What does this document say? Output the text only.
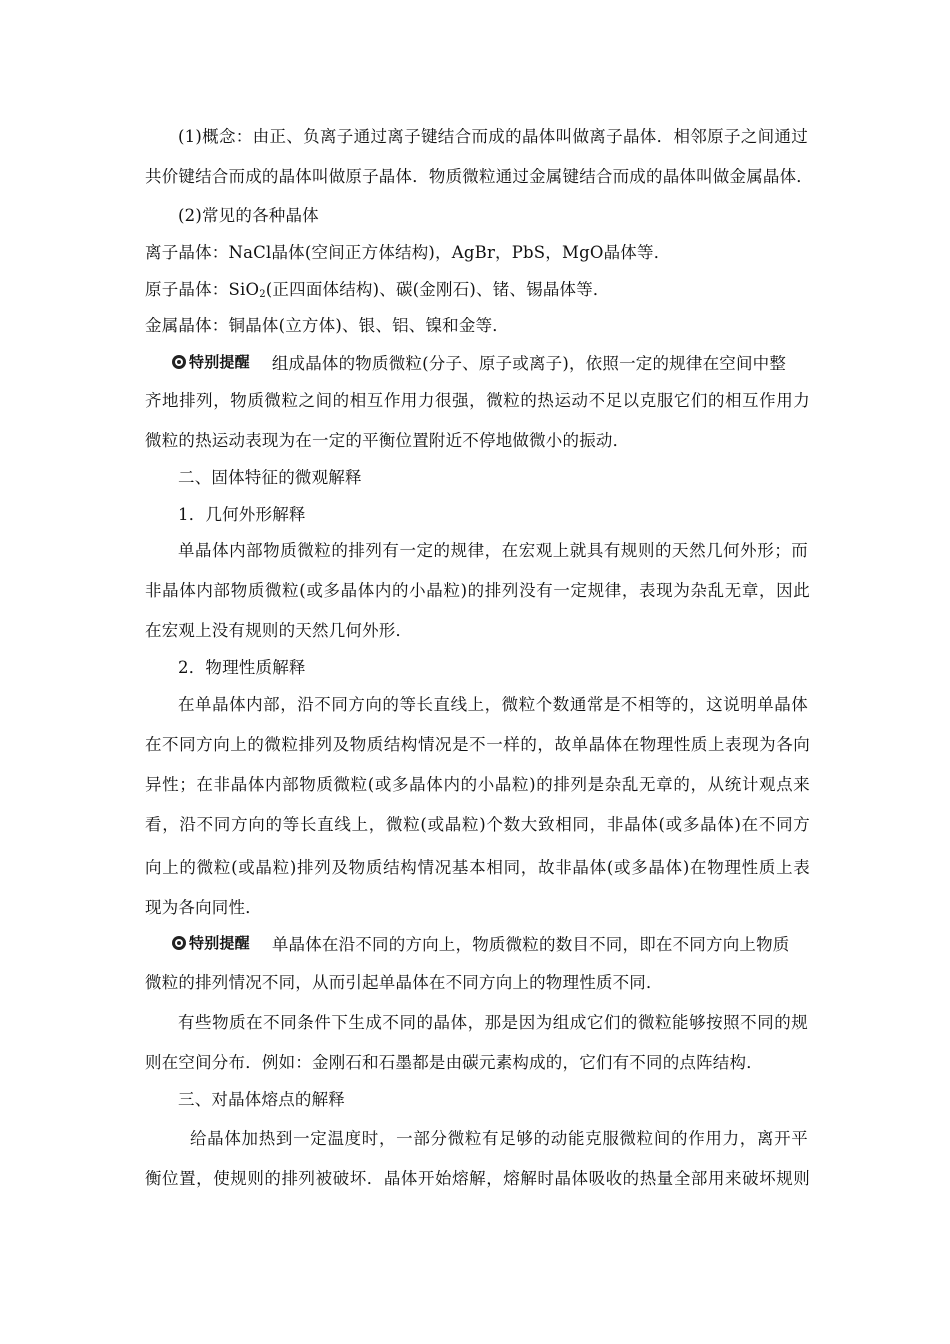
(1)概念：由正、负离子通过离子键结合而成的晶体叫做离子晶体．相邻原子之间通过
共价键结合而成的晶体叫做原子晶体．物质微粒通过金属键结合而成的晶体叫做金属晶体．
(2)常见的各种晶体
离子晶体：NaCl晶体(空间正方体结构)，AgBr，PbS，MgO晶体等．
原子晶体：SiO$_2$(正四面体结构)、碳(金刚石)、锗、锡晶体等．
金属晶体：铜晶体(立方体)、银、铝、镍和金等．
特别提醒 组成晶体的物质微粒(分子、原子或离子)，依照一定的规律在空间中整
齐地排列，物质微粒之间的相互作用力很强，微粒的热运动不足以克服它们的相互作用力
微粒的热运动表现为在一定的平衡位置附近不停地做微小的振动．
二、固体特征的微观解释
1．几何外形解释
单晶体内部物质微粒的排列有一定的规律，在宏观上就具有规则的天然几何外形；而
非晶体内部物质微粒(或多晶体内的小晶粒)的排列没有一定规律，表现为杂乱无章，因此
在宏观上没有规则的天然几何外形．
2．物理性质解释
在单晶体内部，沿不同方向的等长直线上，微粒个数通常是不相等的，这说明单晶体
在不同方向上的微粒排列及物质结构情况是不一样的，故单晶体在物理性质上表现为各向
异性；在非晶体内部物质微粒(或多晶体内的小晶粒)的排列是杂乱无章的，从统计观点来
看，沿不同方向的等长直线上，微粒(或晶粒)个数大致相同，非晶体(或多晶体)在不同方
向上的微粒(或晶粒)排列及物质结构情况基本相同，故非晶体(或多晶体)在物理性质上表
现为各向同性．
特别提醒 单晶体在沿不同的方向上，物质微粒的数目不同，即在不同方向上物质
微粒的排列情况不同，从而引起单晶体在不同方向上的物理性质不同．
有些物质在不同条件下生成不同的晶体，那是因为组成它们的微粒能够按照不同的规
则在空间分布．例如：金刚石和石墨都是由碳元素构成的，它们有不同的点阵结构．
三、对晶体熔点的解释
给晶体加热到一定温度时，一部分微粒有足够的动能克服微粒间的作用力，离开平
衡位置，使规则的排列被破坏．晶体开始熔解，熔解时晶体吸收的热量全部用来破坏规则
